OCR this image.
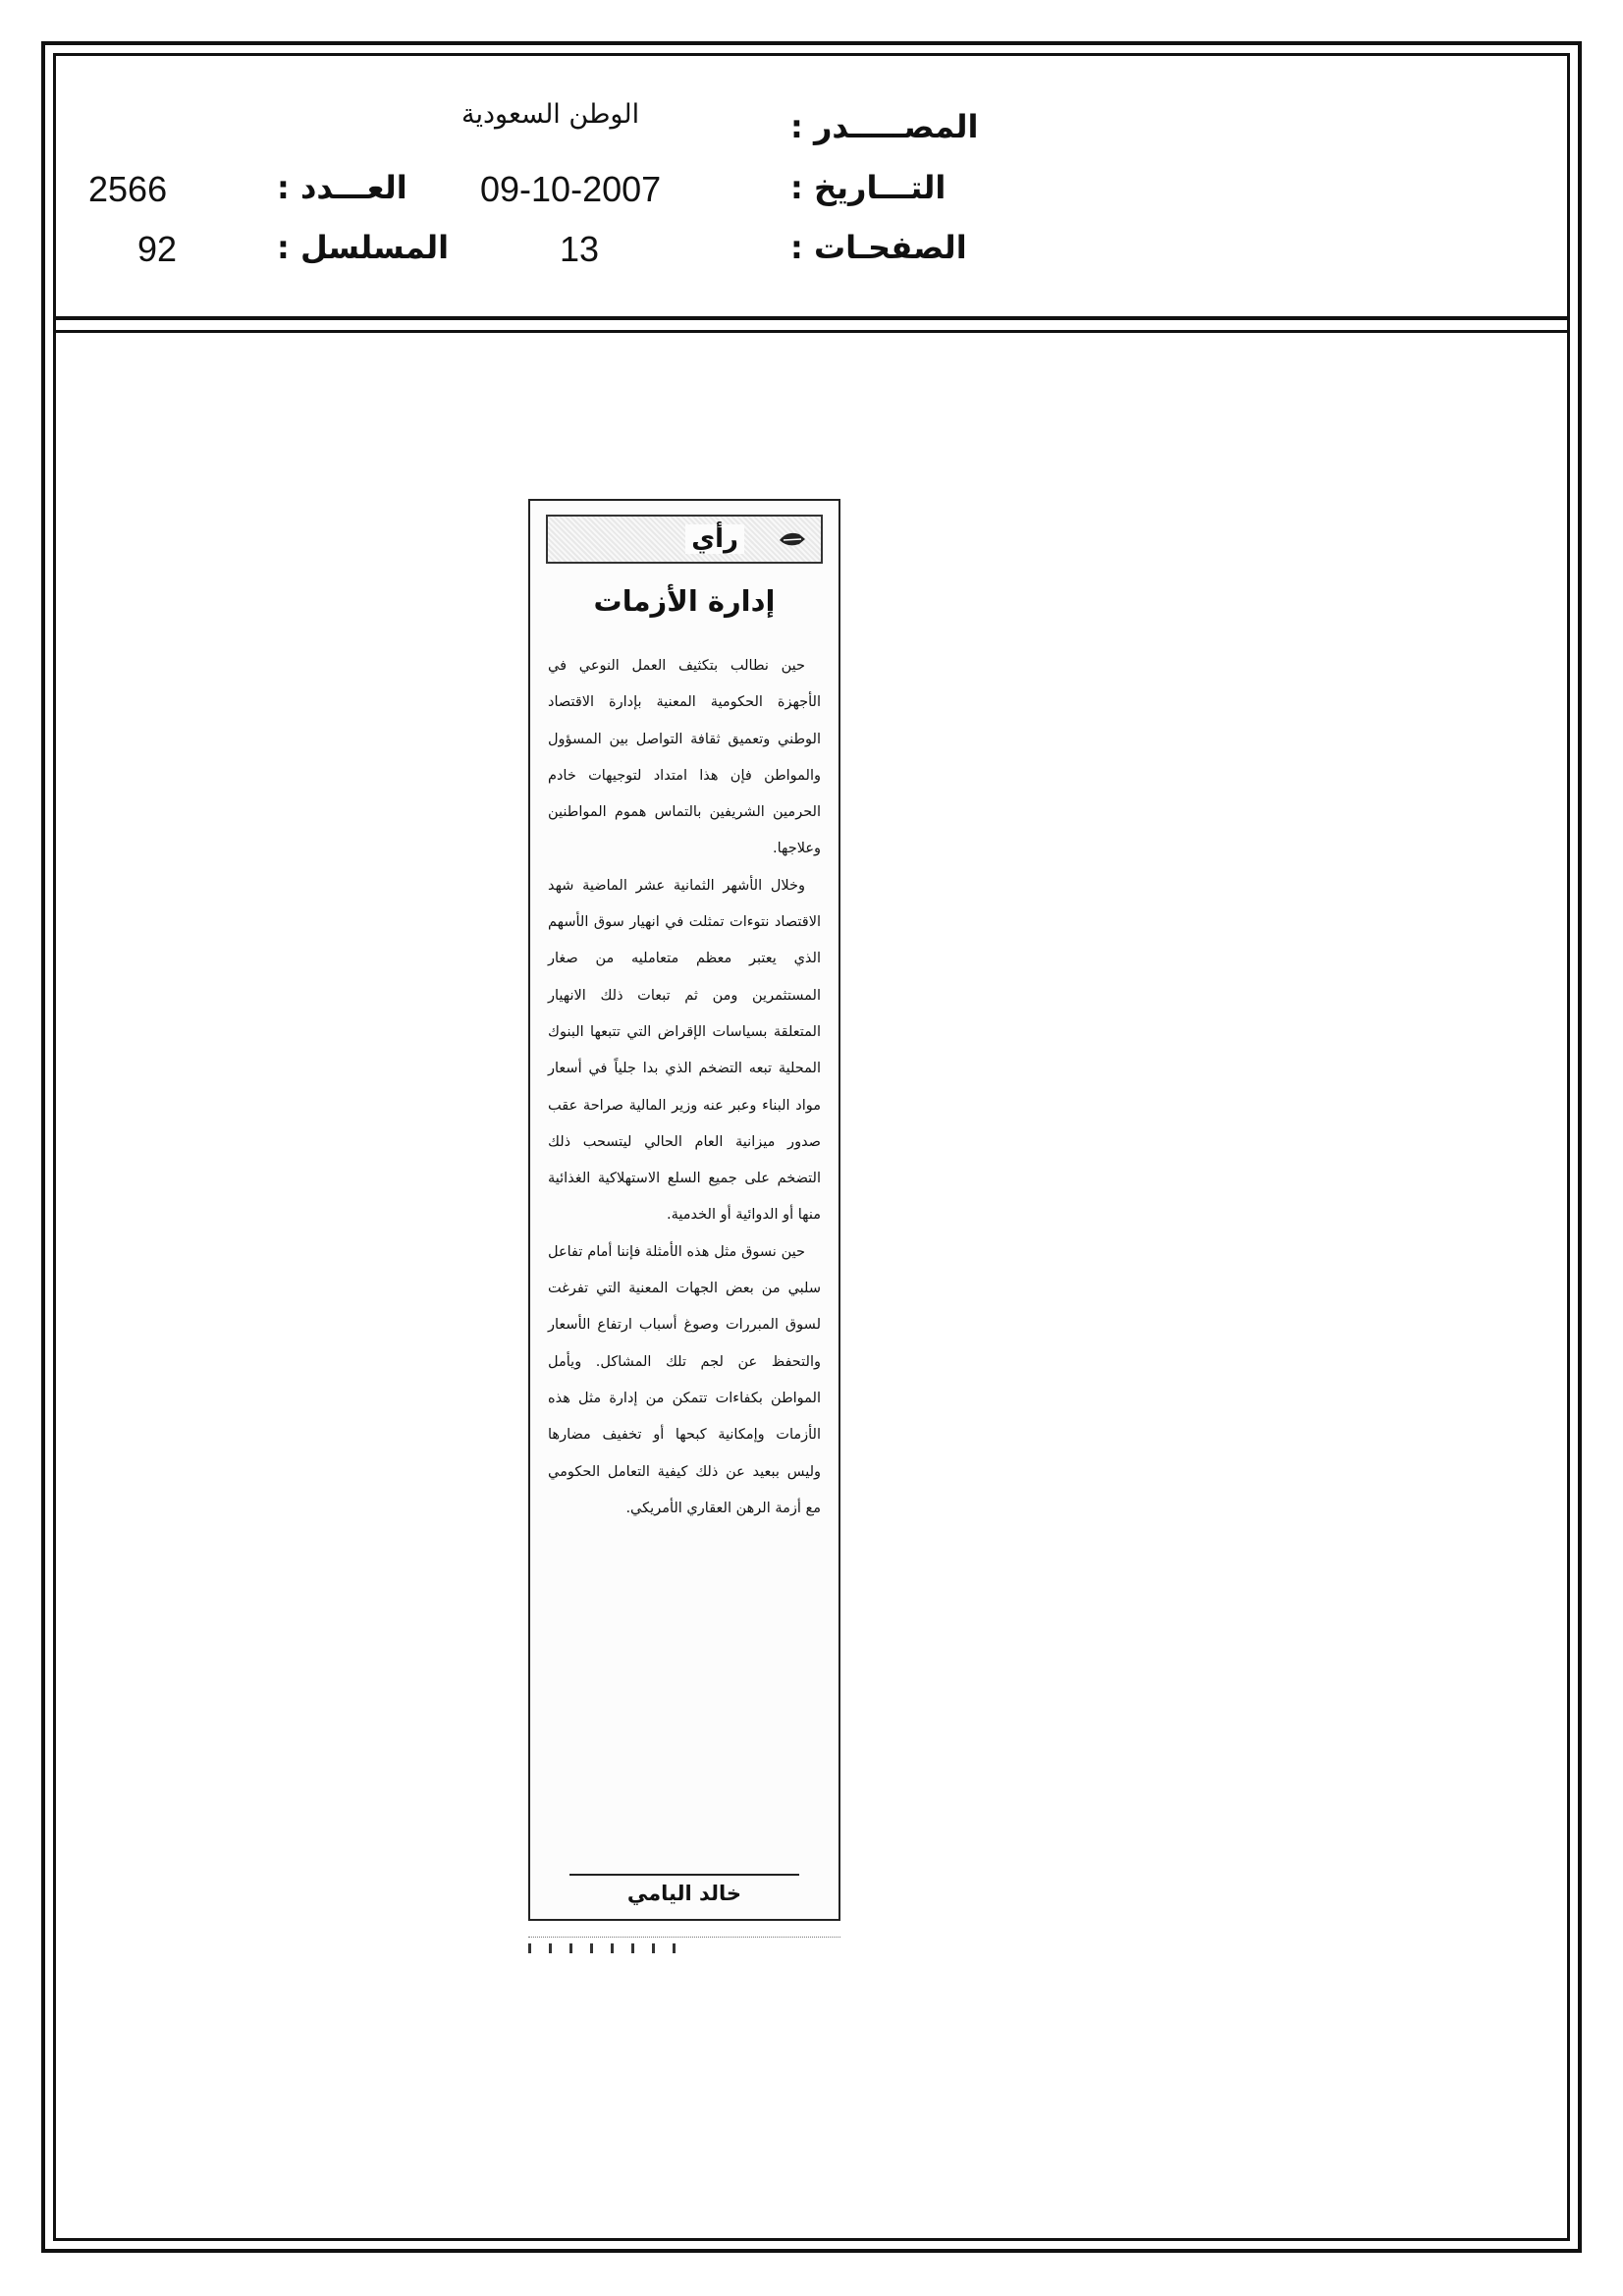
المصـــــدر :
الوطن السعودية
التـــاريخ :
09-10-2007
العـــدد :
2566
الصفحـات :
13
المسلسل :
92
رأي
إدارة الأزمات

حين نطالب بتكثيف العمل النوعي في الأجهزة الحكومية المعنية بإدارة الاقتصاد الوطني وتعميق ثقافة التواصل بين المسؤول والمواطن فإن هذا امتداد لتوجيهات خادم الحرمين الشريفين بالتماس هموم المواطنين وعلاجها.

وخلال الأشهر الثمانية عشر الماضية شهد الاقتصاد نتوءات تمثلت في انهيار سوق الأسهم الذي يعتبر معظم متعامليه من صغار المستثمرين ومن ثم تبعات ذلك الانهيار المتعلقة بسياسات الإقراض التي تتبعها البنوك المحلية تبعه التضخم الذي بدا جلياً في أسعار مواد البناء وعبر عنه وزير المالية صراحة عقب صدور ميزانية العام الحالي ليتسحب ذلك التضخم على جميع السلع الاستهلاكية الغذائية منها أو الدوائية أو الخدمية.

حين نسوق مثل هذه الأمثلة فإننا أمام تفاعل سلبي من بعض الجهات المعنية التي تفرغت لسوق المبررات وصوغ أسباب ارتفاع الأسعار والتحفظ عن لجم تلك المشاكل. ويأمل المواطن بكفاءات تتمكن من إدارة مثل هذه الأزمات وإمكانية كبحها أو تخفيف مضارها وليس ببعيد عن ذلك كيفية التعامل الحكومي مع أزمة الرهن العقاري الأمريكي.

خالد اليامي
